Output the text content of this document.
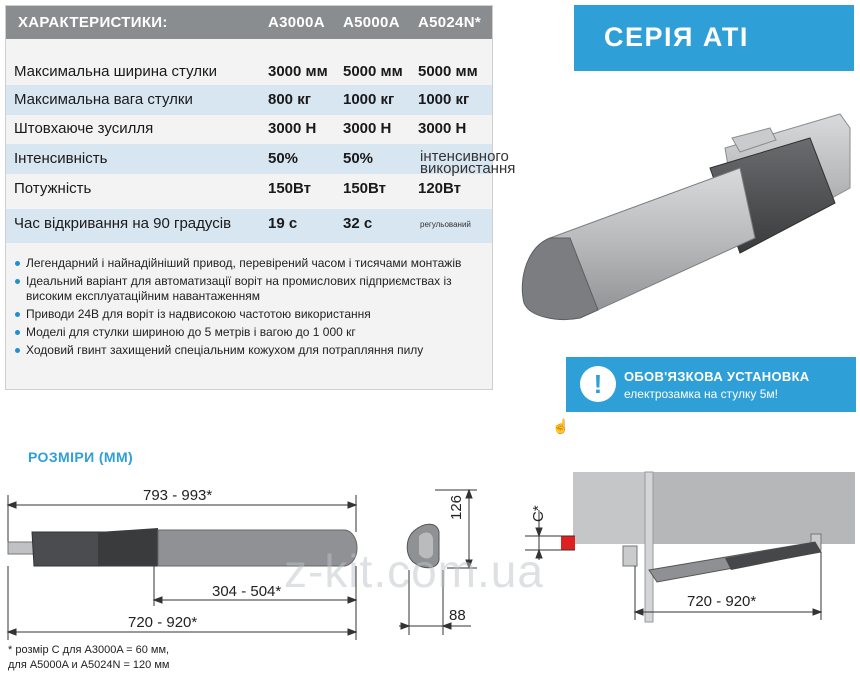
ХАРАКТЕРИСТИКИ:	A3000A A5000A A5024N*
Максимальна ширина стулки	3000 мм 5000 мм 5000 мм
Максимальна вага стулки	800 кг 1000 кг 1000 кг
Штовхаюче зусилля	3000 Н 3000 Н 3000 Н
Інтенсивність	50%	50%	інтенсивного
використання
Потужність	150Вт 150Вт 120Вт
Час відкривання на 90 градусів 19 с	32 с	регульований
Легендарний і найнадійніший привод, перевірений часом і тисячами монтажів
Ідеальний варіант для автоматизації воріт на промислових підприємствах із високим експлуатаційним навантаженням
Приводи 24В для воріт із надвисокою частотою використання
Моделі для стулки шириною до 5 метрів і вагою до 1 000 кг
Ходовий гвинт захищений спеціальним кожухом для потрапляння пилу
СЕРІЯ ATI
!	ОБОВ'ЯЗКОВА УСТАНОВКА
електрозамка на стулку 5м!
☝
РОЗМІРИ (ММ)
793 - 993*
304 - 504*
720 - 920*
126
88
C*
720 - 920*
z-kit.com.ua
* розмір С для A3000A = 60 мм,
для A5000A и A5024N = 120 мм
